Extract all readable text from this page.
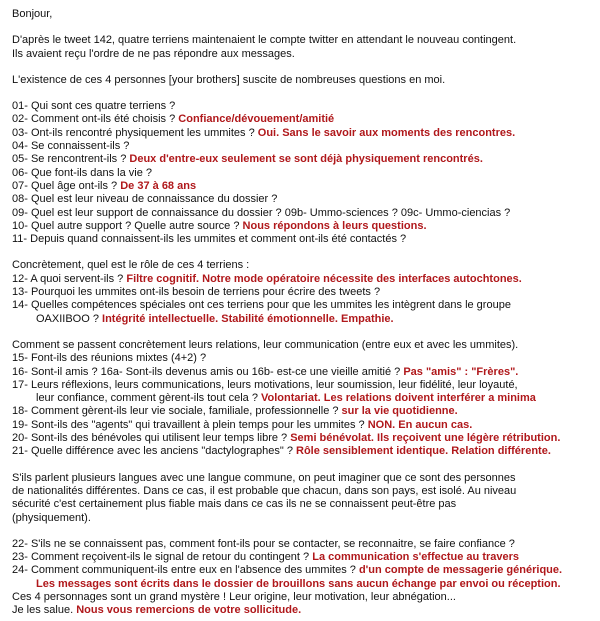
Bonjour,
D'après le tweet 142, quatre terriens maintenaient le compte twitter en attendant le nouveau contingent.
Ils avaient reçu l'ordre de ne pas répondre aux messages.
L'existence de ces 4 personnes [your brothers] suscite de nombreuses questions en moi.
01- Qui sont ces quatre terriens ?
02- Comment ont-ils été choisis ? Confiance/dévouement/amitié
03- Ont-ils rencontré physiquement les ummites ? Oui. Sans le savoir aux moments des rencontres.
04- Se connaissent-ils ?
05- Se rencontrent-ils ? Deux d'entre-eux seulement se sont déjà physiquement rencontrés.
06- Que font-ils dans la vie ?
07- Quel âge ont-ils ? De 37 à 68 ans
08- Quel est leur niveau de connaissance du dossier ?
09- Quel est leur support de connaissance du dossier ? 09b- Ummo-sciences ? 09c- Ummo-ciencias ?
10- Quel autre support ? Quelle autre source ? Nous répondons à leurs questions.
11- Depuis quand connaissent-ils les ummites et comment ont-ils été contactés ?
Concrètement, quel est le rôle de ces 4 terriens :
12- A quoi servent-ils ? Filtre cognitif. Notre mode opératoire nécessite des interfaces autochtones.
13- Pourquoi les ummites ont-ils besoin de terriens pour écrire des tweets ?
14- Quelles compétences spéciales ont ces terriens pour que les ummites les intègrent dans le groupe
OAXIIBOO ? Intégrité intellectuelle. Stabilité émotionnelle. Empathie.
Comment se passent concrètement leurs relations, leur communication (entre eux et avec les ummites).
15- Font-ils des réunions mixtes (4+2) ?
16- Sont-il amis ? 16a- Sont-ils devenus amis ou 16b- est-ce une vieille amitié ? Pas "amis" : "Frères".
17- Leurs réflexions, leurs communications, leurs motivations, leur soumission, leur fidélité, leur loyauté,
leur confiance, comment gèrent-ils tout cela ? Volontariat. Les relations doivent interférer a minima
18- Comment gèrent-ils leur vie sociale, familiale, professionnelle ? sur la vie quotidienne.
19- Sont-ils des "agents" qui travaillent à plein temps pour les ummites ? NON. En aucun cas.
20- Sont-ils des bénévoles qui utilisent leur temps libre ? Semi bénévolat. Ils reçoivent une légère rétribution.
21- Quelle différence avec les anciens "dactylographes" ? Rôle sensiblement identique. Relation différente.
S'ils parlent plusieurs langues avec une langue commune, on peut imaginer que ce sont des personnes
de nationalités différentes. Dans ce cas, il est probable que chacun, dans son pays, est isolé. Au niveau
sécurité c'est certainement plus fiable mais dans ce cas ils ne se connaissent peut-être pas
(physiquement).
22- S'ils ne se connaissent pas, comment font-ils pour se contacter, se reconnaitre, se faire confiance ?
23- Comment reçoivent-ils le signal de retour du contingent ? La communication s'effectue au travers
24- Comment communiquent-ils entre eux en l'absence des ummites ? d'un compte de messagerie générique.
Les messages sont écrits dans le dossier de brouillons sans aucun échange par envoi ou réception.
Ces 4 personnages sont un grand mystère ! Leur origine, leur motivation, leur abnégation...
Je les salue. Nous vous remercions de votre sollicitude.
